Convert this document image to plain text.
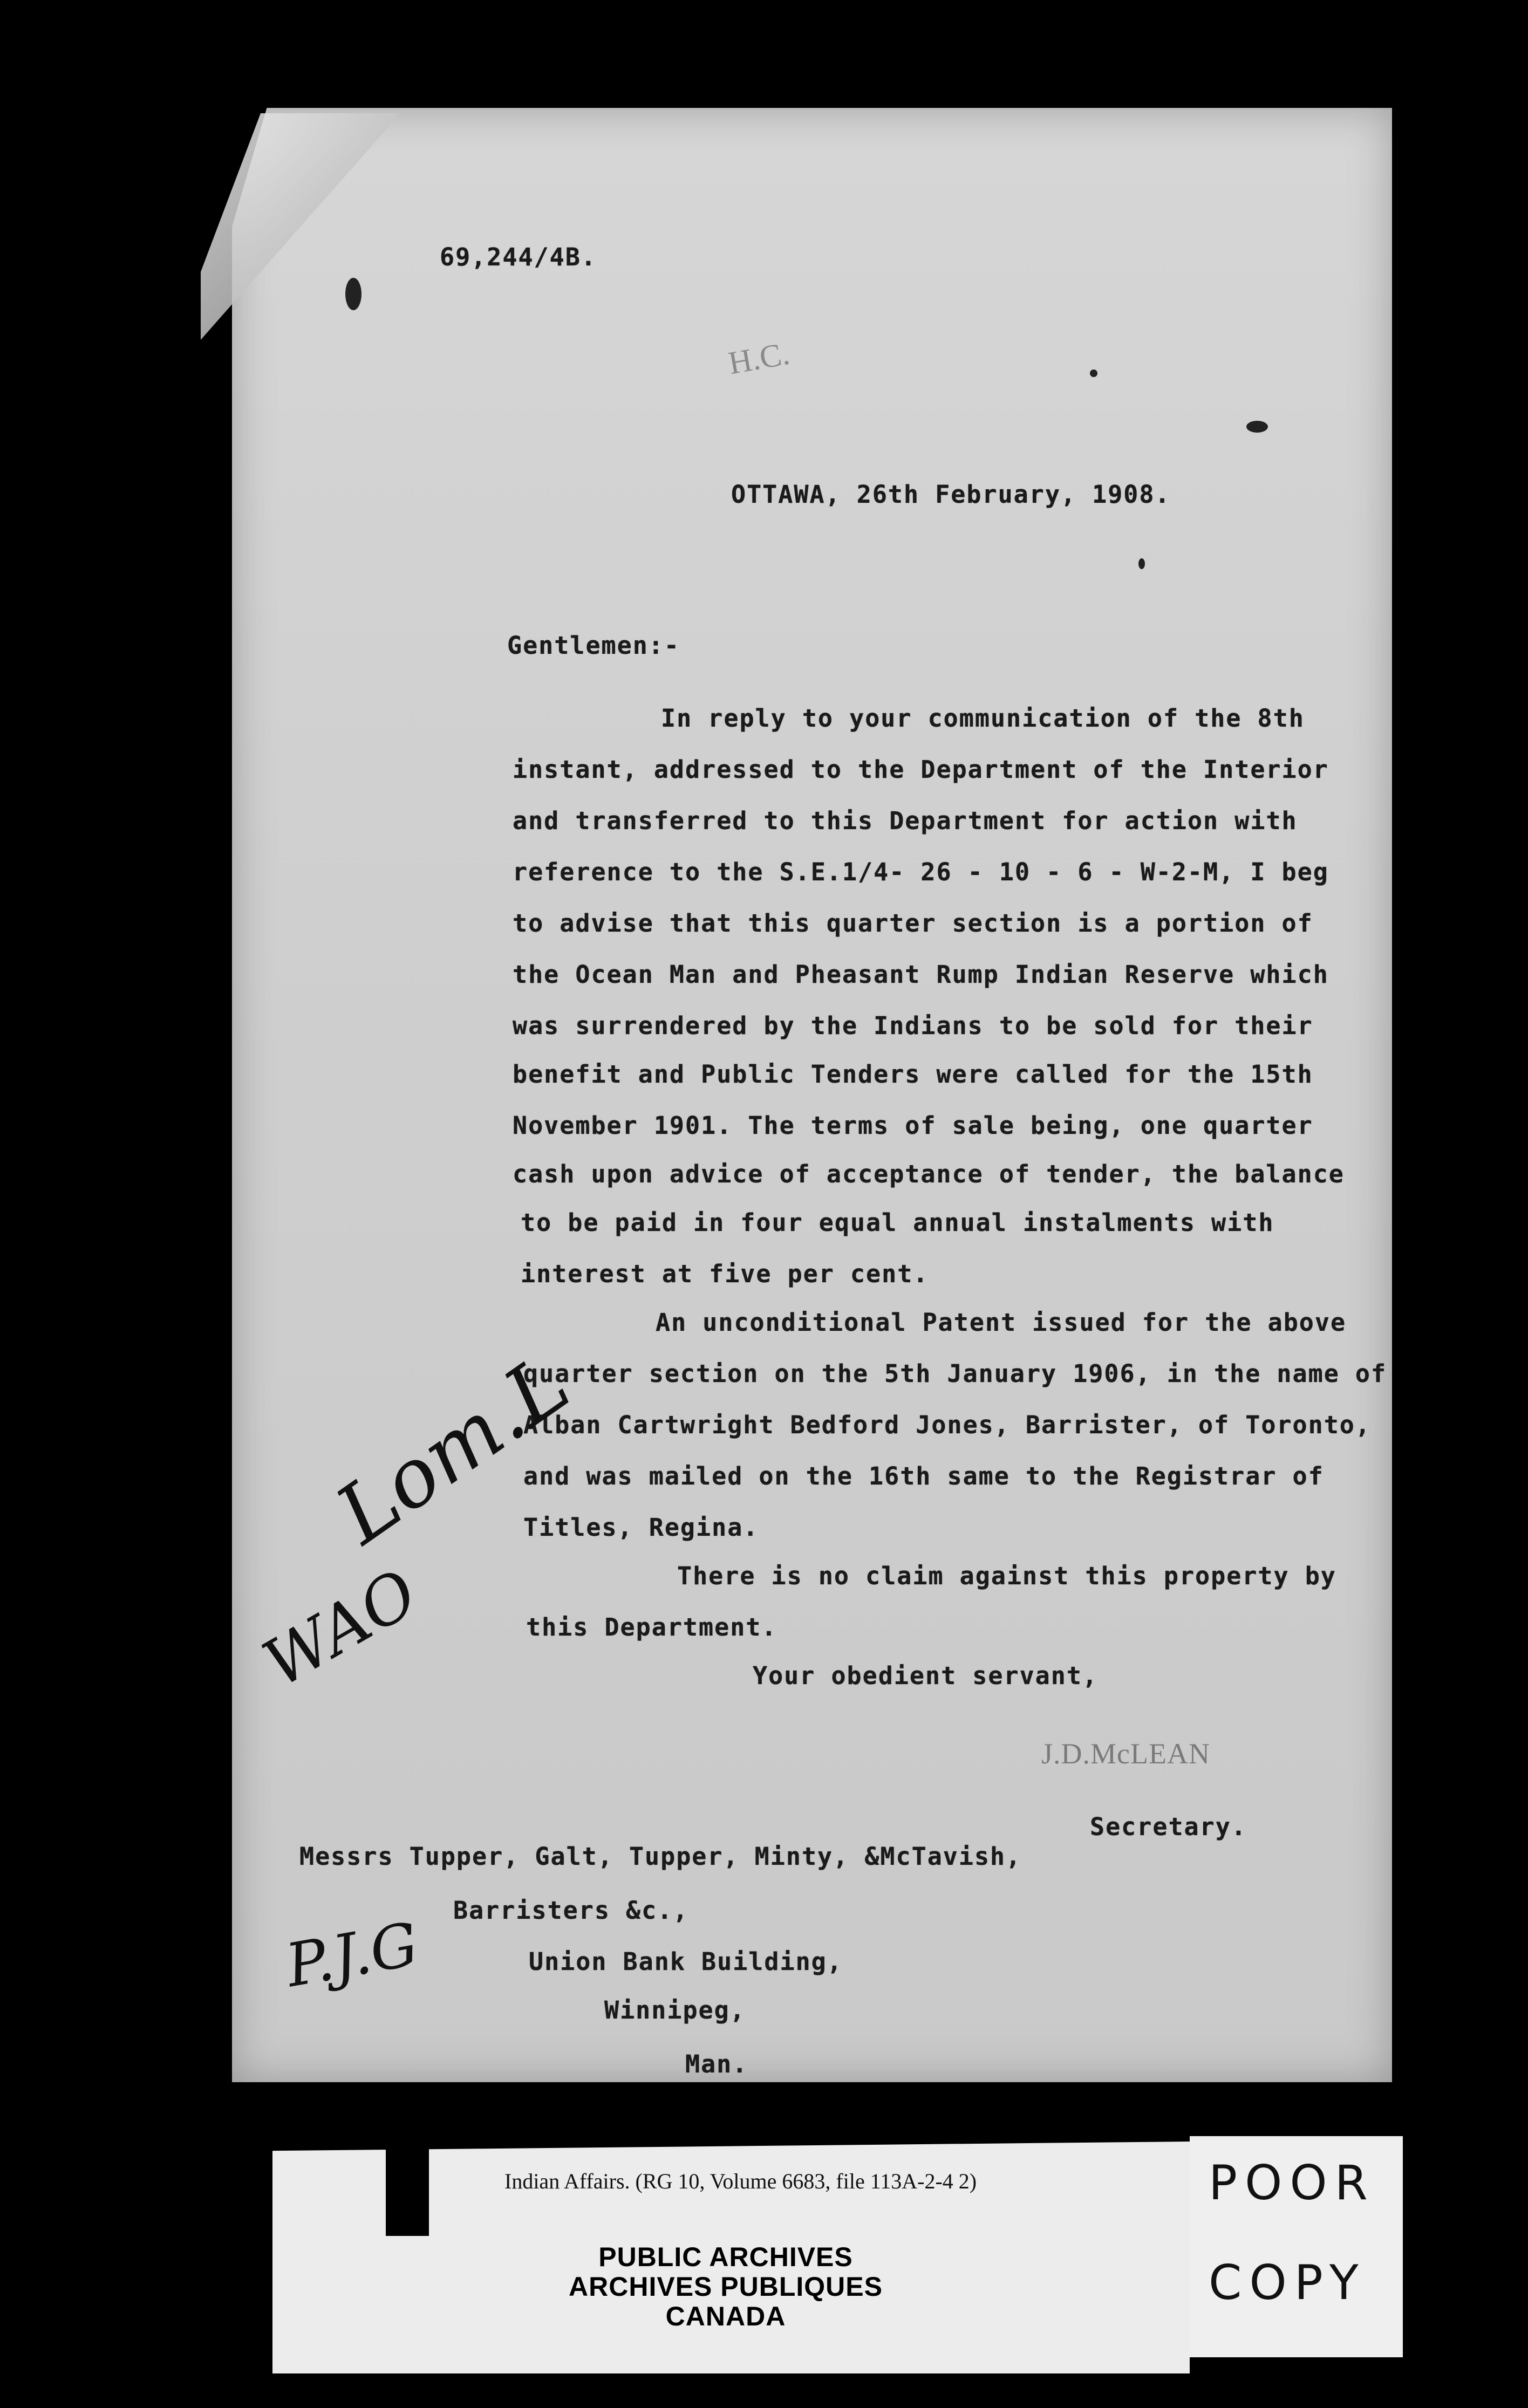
69,244/4B.
H.C.
OTTAWA, 26th February, 1908.
Gentlemen:-
In reply to your communication of the 8th
instant, addressed to the Department of the Interior
and transferred to this Department for action with
reference to the S.E.1/4- 26 - 10 - 6 - W-2-M, I beg
to advise that this quarter section is a portion of
the Ocean Man and Pheasant Rump Indian Reserve which
was surrendered by the Indians to be sold for their
benefit and Public Tenders were called for the 15th
November 1901. The terms of sale being, one quarter
cash upon advice of acceptance of tender, the balance
to be paid in four equal annual instalments with
interest at five per cent.
An unconditional Patent issued for the above
quarter section on the 5th January 1906, in the name of
Alban Cartwright Bedford Jones, Barrister, of Toronto,
and was mailed on the 16th same to the Registrar of
Titles, Regina.
There is no claim against this property by
this Department.
Your obedient servant,
J.D.McLEAN
Secretary.
Messrs Tupper, Galt, Tupper, Minty, &McTavish,
Barristers &c.,
Union Bank Building,
Winnipeg,
Man.
Lom.L
WAO
P.J.G
Indian Affairs. (RG 10, Volume 6683, file 113A-2-4 2)
PUBLIC ARCHIVES
ARCHIVES PUBLIQUES
CANADA
POOR
COPY
